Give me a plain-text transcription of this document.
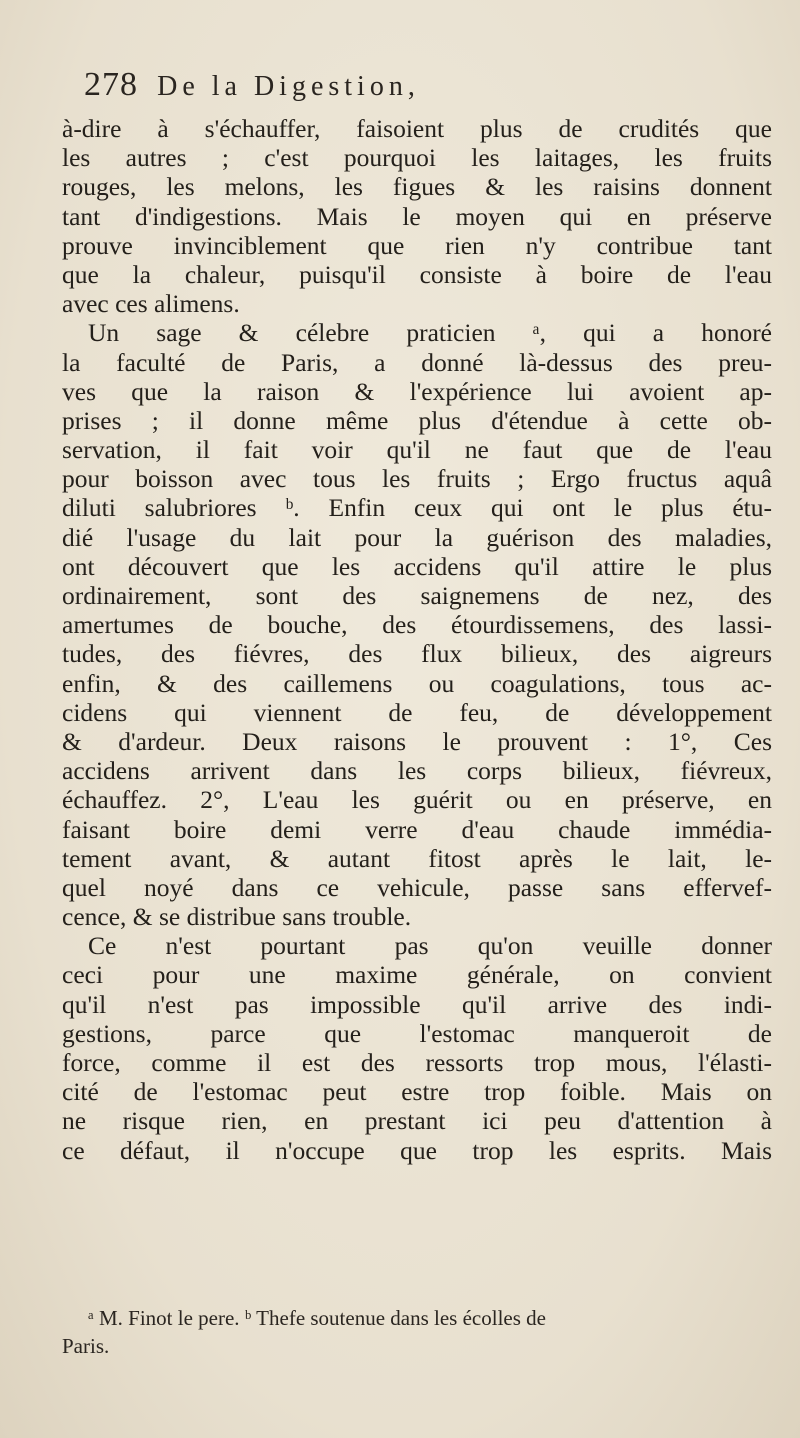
278 De la Digestion,
à-dire à s'échauffer, faisoient plus de crudités que
les autres ; c'est pourquoi les laitages, les fruits
rouges, les melons, les figues & les raisins donnent
tant d'indigestions. Mais le moyen qui en préserve
prouve invinciblement que rien n'y contribue tant
que la chaleur, puisqu'il consiste à boire de l'eau
avec ces alimens.
Un sage & célebre praticien ᵃ, qui a honoré
la faculté de Paris, a donné là-dessus des preu-
ves que la raison & l'expérience lui avoient ap-
prises ; il donne même plus d'étendue à cette ob-
servation, il fait voir qu'il ne faut que de l'eau
pour boisson avec tous les fruits ; Ergo fructus aquâ
diluti salubriores ᵇ. Enfin ceux qui ont le plus étu-
dié l'usage du lait pour la guérison des maladies,
ont découvert que les accidens qu'il attire le plus
ordinairement, sont des saignemens de nez, des
amertumes de bouche, des étourdissemens, des lassi-
tudes, des fiévres, des flux bilieux, des aigreurs
enfin, & des caillemens ou coagulations, tous ac-
cidens qui viennent de feu, de développement
& d'ardeur. Deux raisons le prouvent : 1°, Ces
accidens arrivent dans les corps bilieux, fiévreux,
échauffez. 2°, L'eau les guérit ou en préserve, en
faisant boire demi verre d'eau chaude immédia-
tement avant, & autant fitost après le lait, le-
quel noyé dans ce vehicule, passe sans effervef-
cence, & se distribue sans trouble.
Ce n'est pourtant pas qu'on veuille donner
ceci pour une maxime générale, on convient
qu'il n'est pas impossible qu'il arrive des indi-
gestions, parce que l'estomac manqueroit de
force, comme il est des ressorts trop mous, l'élasti-
cité de l'estomac peut estre trop foible. Mais on
ne risque rien, en prestant ici peu d'attention à
ce défaut, il n'occupe que trop les esprits. Mais
ᵃ M. Finot le pere. ᵇ Thefe soutenue dans les écolles de
Paris.
